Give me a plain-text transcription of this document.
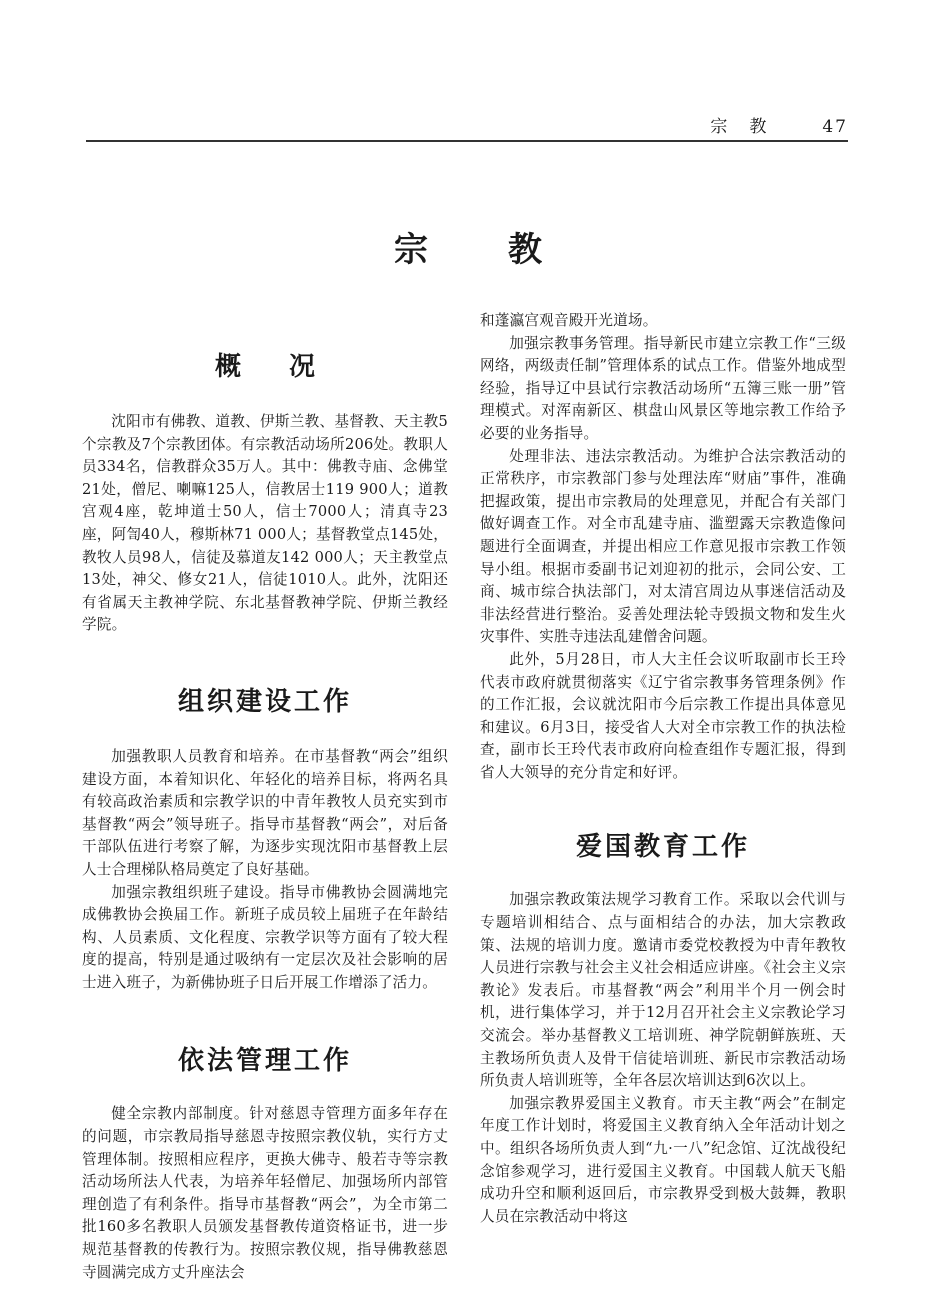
宗教 47
宗教
概况

沈阳市有佛教、道教、伊斯兰教、基督教、天主教5个宗教及7个宗教团体。有宗教活动场所206处。教职人员334名，信教群众35万人。其中：佛教寺庙、念佛堂21处，僧尼、喇嘛125人，信教居士119 900人；道教宫观4座，乾坤道士50人，信士7000人；清真寺23座，阿訇40人，穆斯林71 000人；基督教堂点145处，教牧人员98人，信徒及慕道友142 000人；天主教堂点13处，神父、修女21人，信徒1010人。此外，沈阳还有省属天主教神学院、东北基督教神学院、伊斯兰教经学院。

组织建设工作

加强教职人员教育和培养。在市基督教“两会”组织建设方面，本着知识化、年轻化的培养目标，将两名具有较高政治素质和宗教学识的中青年教牧人员充实到市基督教“两会”领导班子。指导市基督教“两会”，对后备干部队伍进行考察了解，为逐步实现沈阳市基督教上层人士合理梯队格局奠定了良好基础。

加强宗教组织班子建设。指导市佛教协会圆满地完成佛教协会换届工作。新班子成员较上届班子在年龄结构、人员素质、文化程度、宗教学识等方面有了较大程度的提高，特别是通过吸纳有一定层次及社会影响的居士进入班子，为新佛协班子日后开展工作增添了活力。

依法管理工作

健全宗教内部制度。针对慈恩寺管理方面多年存在的问题，市宗教局指导慈恩寺按照宗教仪轨，实行方丈管理体制。按照相应程序，更换大佛寺、般若寺等宗教活动场所法人代表，为培养年轻僧尼、加强场所内部管理创造了有利条件。指导市基督教“两会”，为全市第二批160多名教职人员颁发基督教传道资格证书，进一步规范基督教的传教行为。按照宗教仪规，指导佛教慈恩寺圆满完成方丈升座法会

和蓬瀛宫观音殿开光道场。

加强宗教事务管理。指导新民市建立宗教工作“三级网络，两级责任制”管理体系的试点工作。借鉴外地成型经验，指导辽中县试行宗教活动场所“五簿三账一册”管理模式。对浑南新区、棋盘山风景区等地宗教工作给予必要的业务指导。

处理非法、违法宗教活动。为维护合法宗教活动的正常秩序，市宗教部门参与处理法库“财庙”事件，准确把握政策，提出市宗教局的处理意见，并配合有关部门做好调查工作。对全市乱建寺庙、滥塑露天宗教造像问题进行全面调查，并提出相应工作意见报市宗教工作领导小组。根据市委副书记刘迎初的批示，会同公安、工商、城市综合执法部门，对太清宫周边从事迷信活动及非法经营进行整治。妥善处理法轮寺毁损文物和发生火灾事件、实胜寺违法乱建僧舍问题。

此外，5月28日，市人大主任会议听取副市长王玲代表市政府就贯彻落实《辽宁省宗教事务管理条例》作的工作汇报，会议就沈阳市今后宗教工作提出具体意见和建议。6月3日，接受省人大对全市宗教工作的执法检查，副市长王玲代表市政府向检查组作专题汇报，得到省人大领导的充分肯定和好评。

爱国教育工作

加强宗教政策法规学习教育工作。采取以会代训与专题培训相结合、点与面相结合的办法，加大宗教政策、法规的培训力度。邀请市委党校教授为中青年教牧人员进行宗教与社会主义社会相适应讲座。《社会主义宗教论》发表后。市基督教“两会”利用半个月一例会时机，进行集体学习，并于12月召开社会主义宗教论学习交流会。举办基督教义工培训班、神学院朝鲜族班、天主教场所负责人及骨干信徒培训班、新民市宗教活动场所负责人培训班等，全年各层次培训达到6次以上。

加强宗教界爱国主义教育。市天主教“两会”在制定年度工作计划时，将爱国主义教育纳入全年活动计划之中。组织各场所负责人到“九·一八”纪念馆、辽沈战役纪念馆参观学习，进行爱国主义教育。中国载人航天飞船成功升空和顺利返回后，市宗教界受到极大鼓舞，教职人员在宗教活动中将这
